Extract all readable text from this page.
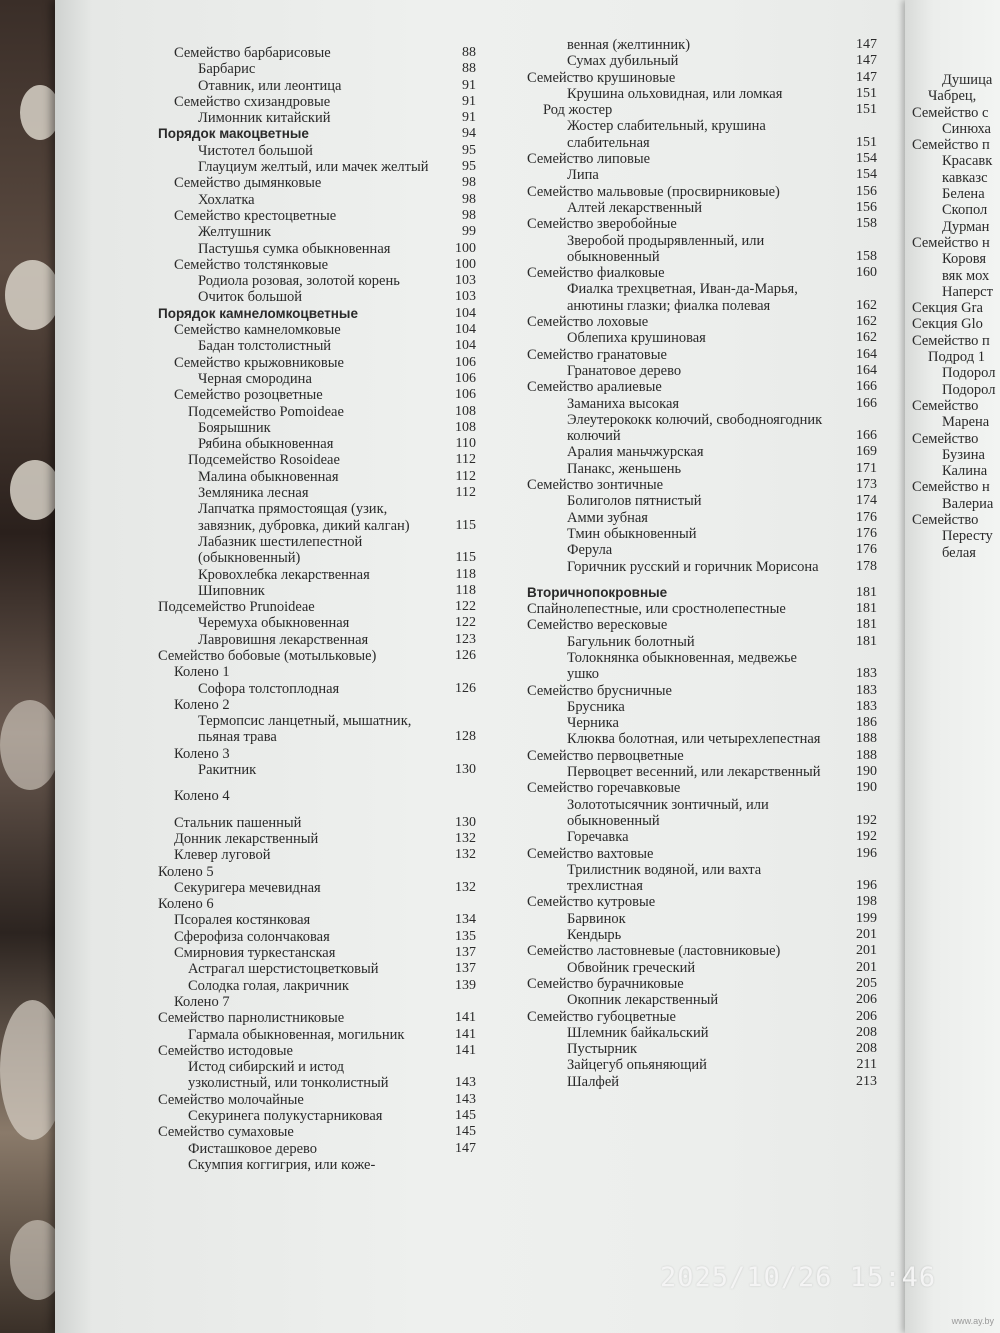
Семейство барбарисовые	88
Барбарис	88
Отавник, или леонтица	91
Семейство схизандровые	91
Лимонник китайский	91
Порядок макоцветные	94
Чистотел большой	95
Глауциум желтый, или мачек желтый	95
Семейство дымянковые	98
Хохлатка	98
Семейство крестоцветные	98
Желтушник	99
Пастушья сумка обыкновенная	100
Семейство толстянковые	100
Родиола розовая, золотой корень	103
Очиток большой	103
Порядок камнеломкоцветные	104
Семейство камнеломковые	104
Бадан толстолистный	104
Семейство крыжовниковые	106
Черная смородина	106
Семейство розоцветные	106
Подсемейство Pomoideae	108
Боярышник	108
Рябина обыкновенная	110
Подсемейство Rosoideae	112
Малина обыкновенная	112
Земляника лесная	112
Лапчатка прямостоящая (узик, завязник, дубровка, дикий калган)	115
Лабазник шестилепестной (обыкновенный)	115
Кровохлебка лекарственная	118
Шиповник	118
Подсемейство Prunoideae	122
Черемуха обыкновенная	122
Лавровишня лекарственная	123
Семейство бобовые (мотыльковые)	126
Колено 1
Софора толстоплодная	126
Колено 2
Термопсис ланцетный, мышатник, пьяная трава	128
Колено 3
Ракитник	130
Колено 4
Стальник пашенный	130
Донник лекарственный	132
Клевер луговой	132
Колено 5
Секуригера мечевидная	132
Колено 6
Псоралея костянковая	134
Сферофиза солончаковая	135
Смирновия туркестанская	137
Астрагал шерстистоцветковый	137
Солодка голая, лакричник	139
Колено 7
Семейство парнолистниковые	141
Гармала обыкновенная, могильник	141
Семейство истодовые	141
Истод сибирский и истод узколистный, или тонколистный	143
Семейство молочайные	143
Секуринега полукустарниковая	145
Семейство сумаховые	145
Фисташковое дерево	147
Скумпия коггигрия, или коже-
венная (желтинник)	147
Сумах дубильный	147
Семейство крушиновые	147
Крушина ольховидная, или ломкая	151
Род жостер	151
Жостер слабительный, крушина слабительная	151
Семейство липовые	154
Липа	154
Семейство мальвовые (просвирниковые)	156
Алтей лекарственный	156
Семейство зверобойные	158
Зверобой продырявленный, или обыкновенный	158
Семейство фиалковые	160
Фиалка трехцветная, Иван-да-Марья, анютины глазки; фиалка полевая	162
Семейство лоховые	162
Облепиха крушиновая	162
Семейство гранатовые	164
Гранатовое дерево	164
Семейство аралиевые	166
Заманиха высокая	166
Элеутерококк колючий, свободноягодник колючий	166
Аралия маньчжурская	169
Панакс, женьшень	171
Семейство зонтичные	173
Болиголов пятнистый	174
Амми зубная	176
Тмин обыкновенный	176
Ферула	176
Горичник русский и горичник Морисона	178
Вторичнопокровные	181
Спайнолепестные, или сростнолепестные	181
Семейство вересковые	181
Багульник болотный	181
Толокнянка обыкновенная, медвежье ушко	183
Семейство брусничные	183
Брусника	183
Черника	186
Клюква болотная, или четырехлепестная	188
Семейство первоцветные	188
Первоцвет весенний, или лекарственный	190
Семейство горечавковые	190
Золототысячник зонтичный, или обыкновенный	192
Горечавка	192
Семейство вахтовые	196
Трилистник водяной, или вахта трехлистная	196
Семейство кутровые	198
Барвинок	199
Кендырь	201
Семейство ластовневые (ластовниковые)	201
Обвойник греческий	201
Семейство бурачниковые	205
Окопник лекарственный	206
Семейство губоцветные	206
Шлемник байкальский	208
Пустырник	208
Зайцегуб опьяняющий	211
Шалфей	213
Душица
Чабрец,
Семейство с
Синюха
Семейство п
Красавк
кавказс
Белена
Скопол
Дурман
Семейство н
Коровя
вяк мох
Наперст
Секция Gra
Секция Glo
Семейство п
Подрод 1
Подорол
Подорол
Семейство
Марена
Семейство
Бузина
Калина
Семейство н
Валериа
Семейство
Пересту
белая
2025/10/26 15:46
www.ay.by
